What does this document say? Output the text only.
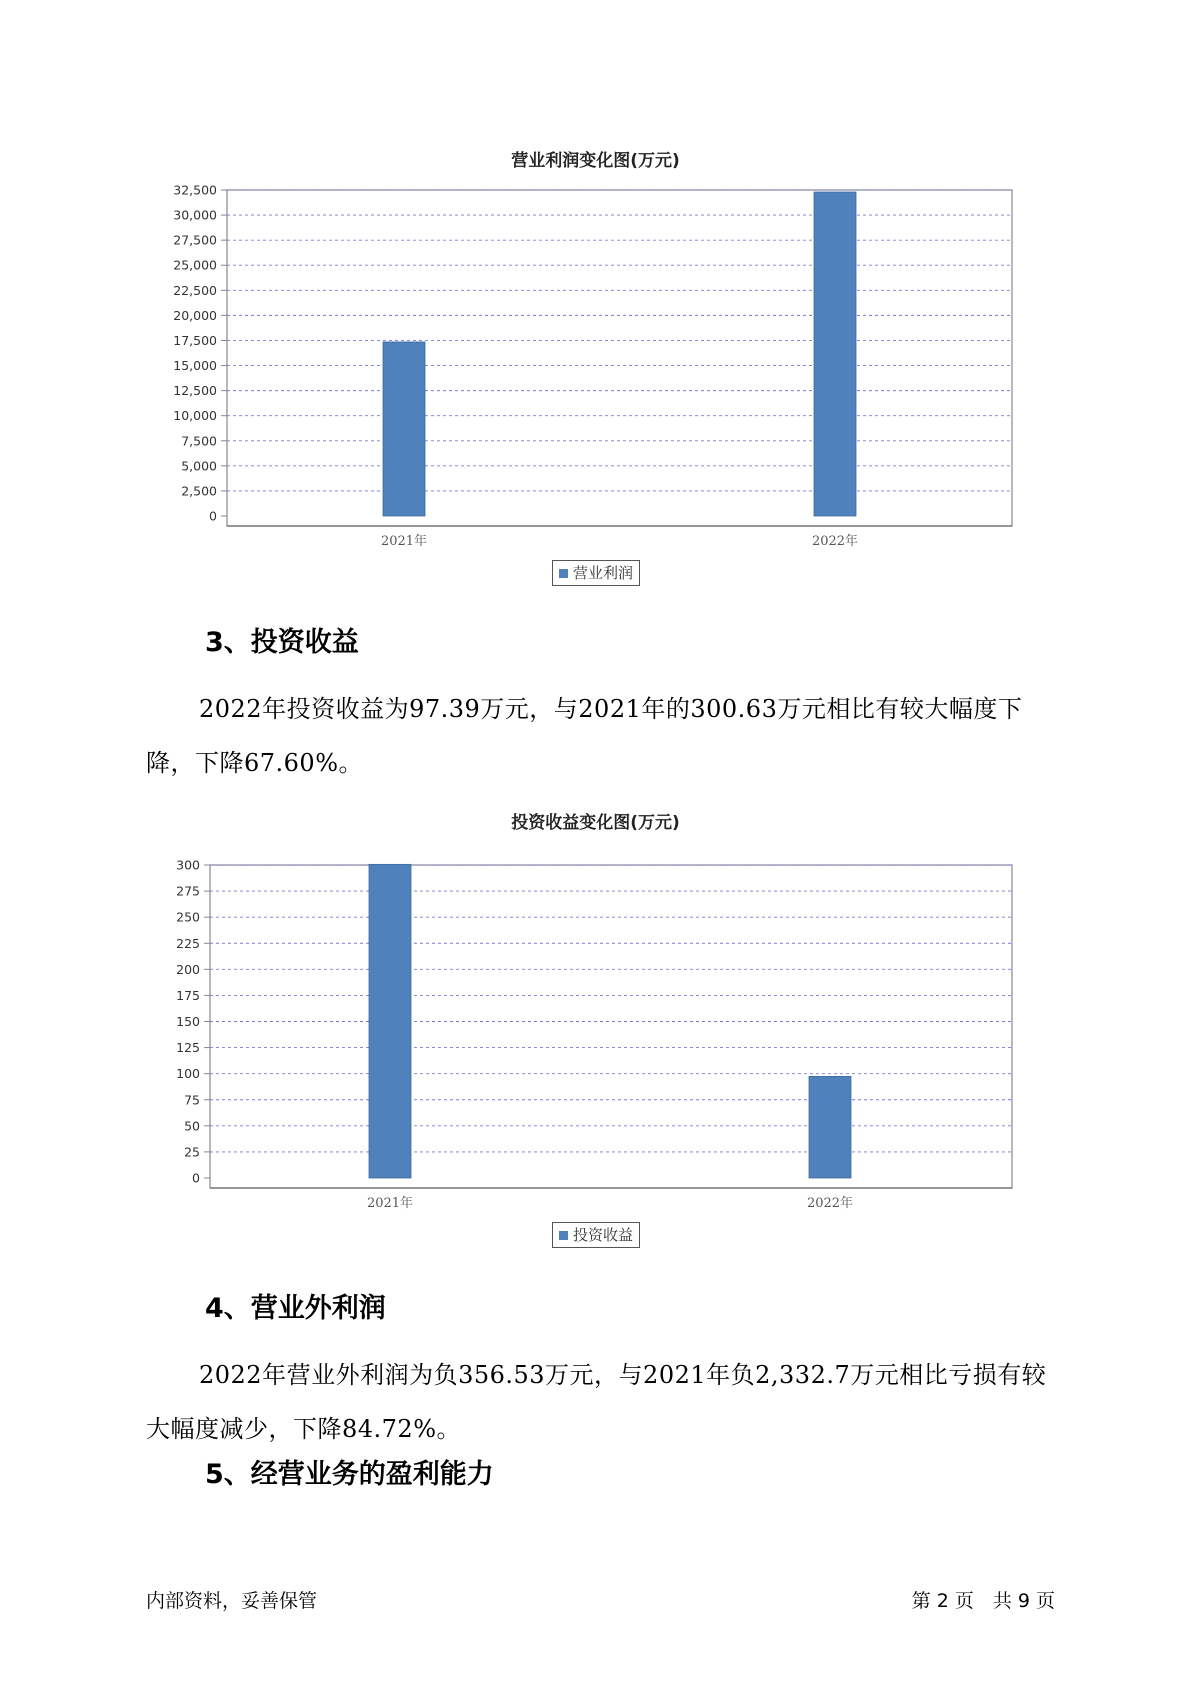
营业利润变化图(万元)
0
2,500
5,000
7,500
10,000
12,500
15,000
17,500
20,000
22,500
25,000
27,500
30,000
32,500
2021年	2022年
营业利润
3、投资收益
2022年投资收益为97.39万元，与2021年的300.63万元相比有较大幅度下降，下降67.60%。
投资收益变化图(万元)
0
25
50
75
100
125
150
175
200
225
250
275
300
2021年	2022年
投资收益
4、营业外利润
2022年营业外利润为负356.53万元，与2021年负2,332.7万元相比亏损有较大幅度减少，下降84.72%。
5、经营业务的盈利能力
内部资料，妥善保管	第 2 页　共 9 页
